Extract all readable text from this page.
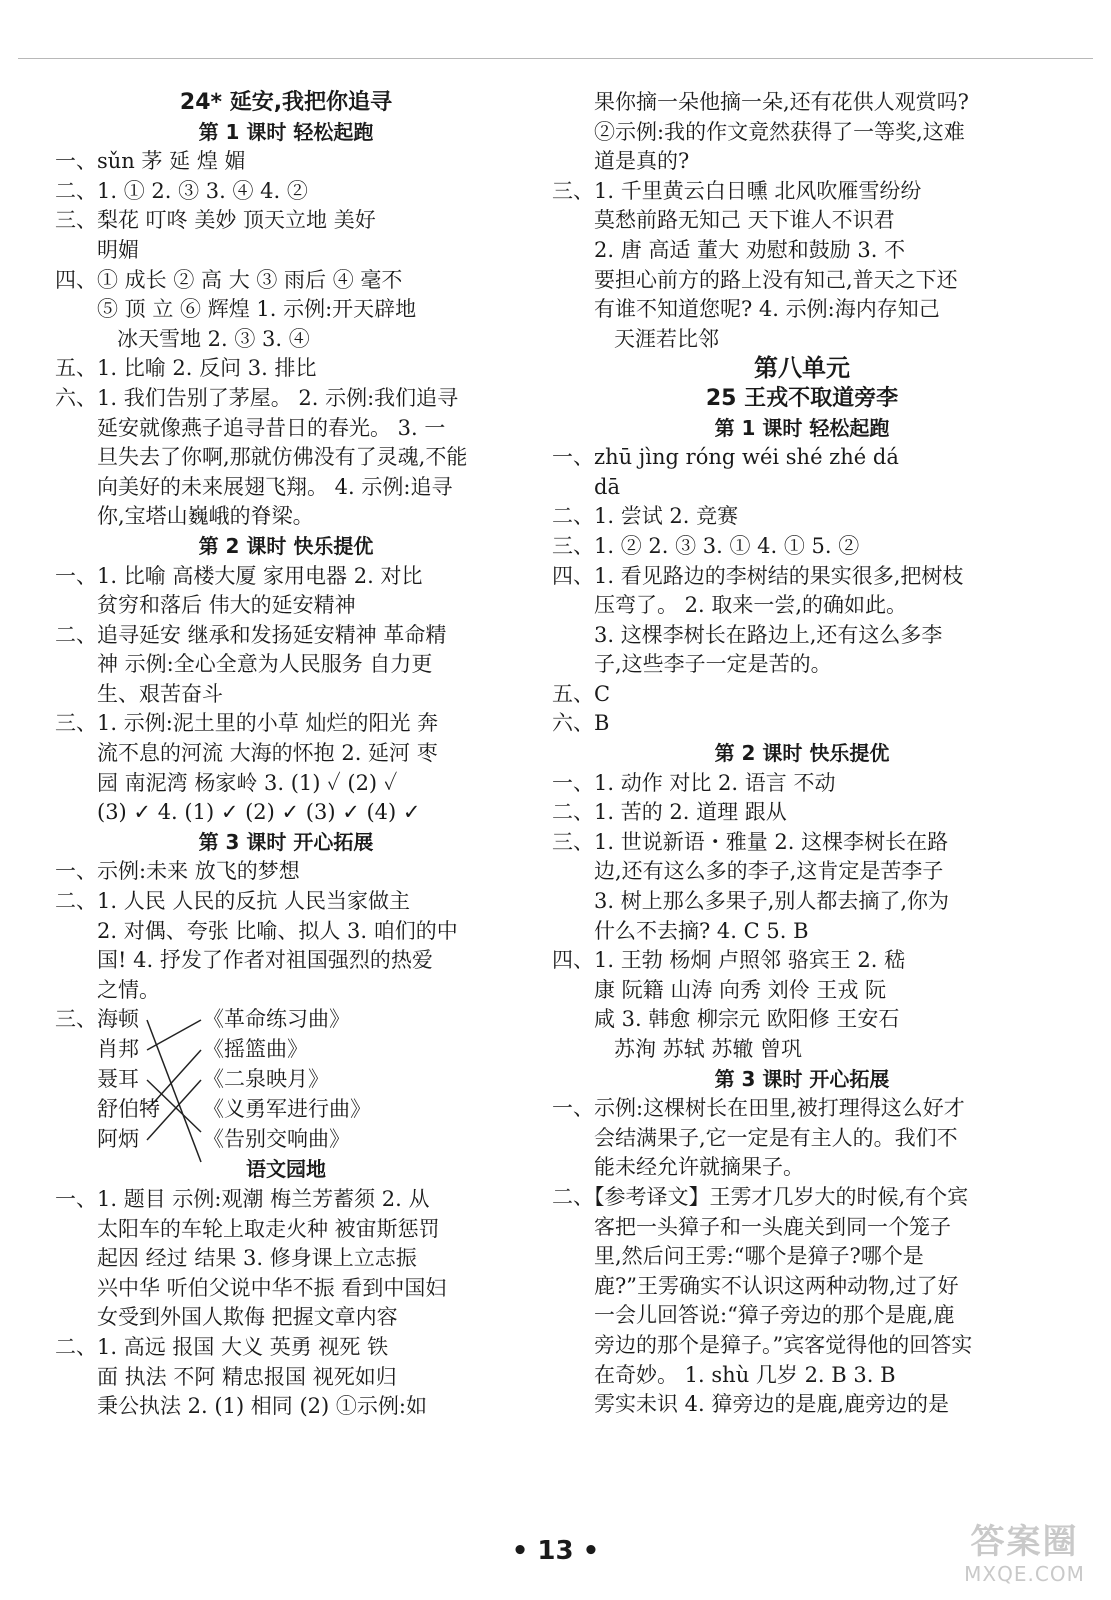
24* 延安,我把你追寻
第 1 课时 轻松起跑
一、sǔn 茅 延 煌 媚
二、1. ① 2. ③ 3. ④ 4. ②
三、梨花 叮咚 美妙 顶天立地 美好
明媚
四、① 成长 ② 高 大 ③ 雨后 ④ 毫不
⑤ 顶 立 ⑥ 辉煌 1. 示例:开天辟地
冰天雪地 2. ③ 3. ④
五、1. 比喻 2. 反问 3. 排比
六、1. 我们告别了茅屋。 2. 示例:我们追寻
延安就像燕子追寻昔日的春光。 3. 一
旦失去了你啊,那就仿佛没有了灵魂,不能
向美好的未来展翅飞翔。 4. 示例:追寻
你,宝塔山巍峨的脊梁。
第 2 课时 快乐提优
一、1. 比喻 高楼大厦 家用电器 2. 对比
贫穷和落后 伟大的延安精神
二、追寻延安 继承和发扬延安精神 革命精
神 示例:全心全意为人民服务 自力更
生、艰苦奋斗
三、1. 示例:泥土里的小草 灿烂的阳光 奔
流不息的河流 大海的怀抱 2. 延河 枣
园 南泥湾 杨家岭 3. (1) ✓ (2) ✓
(3) ✓ 4. (1) ✓ (2) ✓ (3) ✓ (4) ✓
第 3 课时 开心拓展
一、示例:未来 放飞的梦想
二、1. 人民 人民的反抗 人民当家做主
2. 对偶、夸张 比喻、拟人 3. 咱们的中
国! 4. 抒发了作者对祖国强烈的热爱
之情。
三、 海顿
肖邦
聂耳
舒伯特
阿炳
《革命练习曲》
《摇篮曲》
《二泉映月》
《义勇军进行曲》
《告别交响曲》
语文园地
一、1. 题目 示例:观潮 梅兰芳蓄须 2. 从
太阳车的车轮上取走火种 被宙斯惩罚
起因 经过 结果 3. 修身课上立志振
兴中华 听伯父说中华不振 看到中国妇
女受到外国人欺侮 把握文章内容
二、1. 高远 报国 大义 英勇 视死 铁
面 执法 不阿 精忠报国 视死如归
秉公执法 2. (1) 相同 (2) ①示例:如
果你摘一朵他摘一朵,还有花供人观赏吗?
②示例:我的作文竟然获得了一等奖,这难
道是真的?
三、1. 千里黄云白日曛 北风吹雁雪纷纷
莫愁前路无知己 天下谁人不识君
2. 唐 高适 董大 劝慰和鼓励 3. 不
要担心前方的路上没有知己,普天之下还
有谁不知道您呢? 4. 示例:海内存知己
天涯若比邻
第八单元
25 王戎不取道旁李
第 1 课时 轻松起跑
一、zhū jìng róng wéi shé zhé dá
dā
二、1. 尝试 2. 竞赛
三、1. ② 2. ③ 3. ① 4. ① 5. ②
四、1. 看见路边的李树结的果实很多,把树枝
压弯了。 2. 取来一尝,的确如此。
3. 这棵李树长在路边上,还有这么多李
子,这些李子一定是苦的。
五、C
六、B
第 2 课时 快乐提优
一、1. 动作 对比 2. 语言 不动
二、1. 苦的 2. 道理 跟从
三、1. 世说新语・雅量 2. 这棵李树长在路
边,还有这么多的李子,这肯定是苦李子
3. 树上那么多果子,别人都去摘了,你为
什么不去摘? 4. C 5. B
四、1. 王勃 杨炯 卢照邻 骆宾王 2. 嵇
康 阮籍 山涛 向秀 刘伶 王戎 阮
咸 3. 韩愈 柳宗元 欧阳修 王安石
苏洵 苏轼 苏辙 曾巩
第 3 课时 开心拓展
一、示例:这棵树长在田里,被打理得这么好才
会结满果子,它一定是有主人的。我们不
能未经允许就摘果子。
二、【参考译文】王雱才几岁大的时候,有个宾
客把一头獐子和一头鹿关到同一个笼子
里,然后问王雱:“哪个是獐子?哪个是
鹿?”王雱确实不认识这两种动物,过了好
一会儿回答说:“獐子旁边的那个是鹿,鹿
旁边的那个是獐子。”宾客觉得他的回答实
在奇妙。 1. shù 几岁 2. B 3. B
雱实未识 4. 獐旁边的是鹿,鹿旁边的是
• 13 •	答案圈
MXQE.COM
